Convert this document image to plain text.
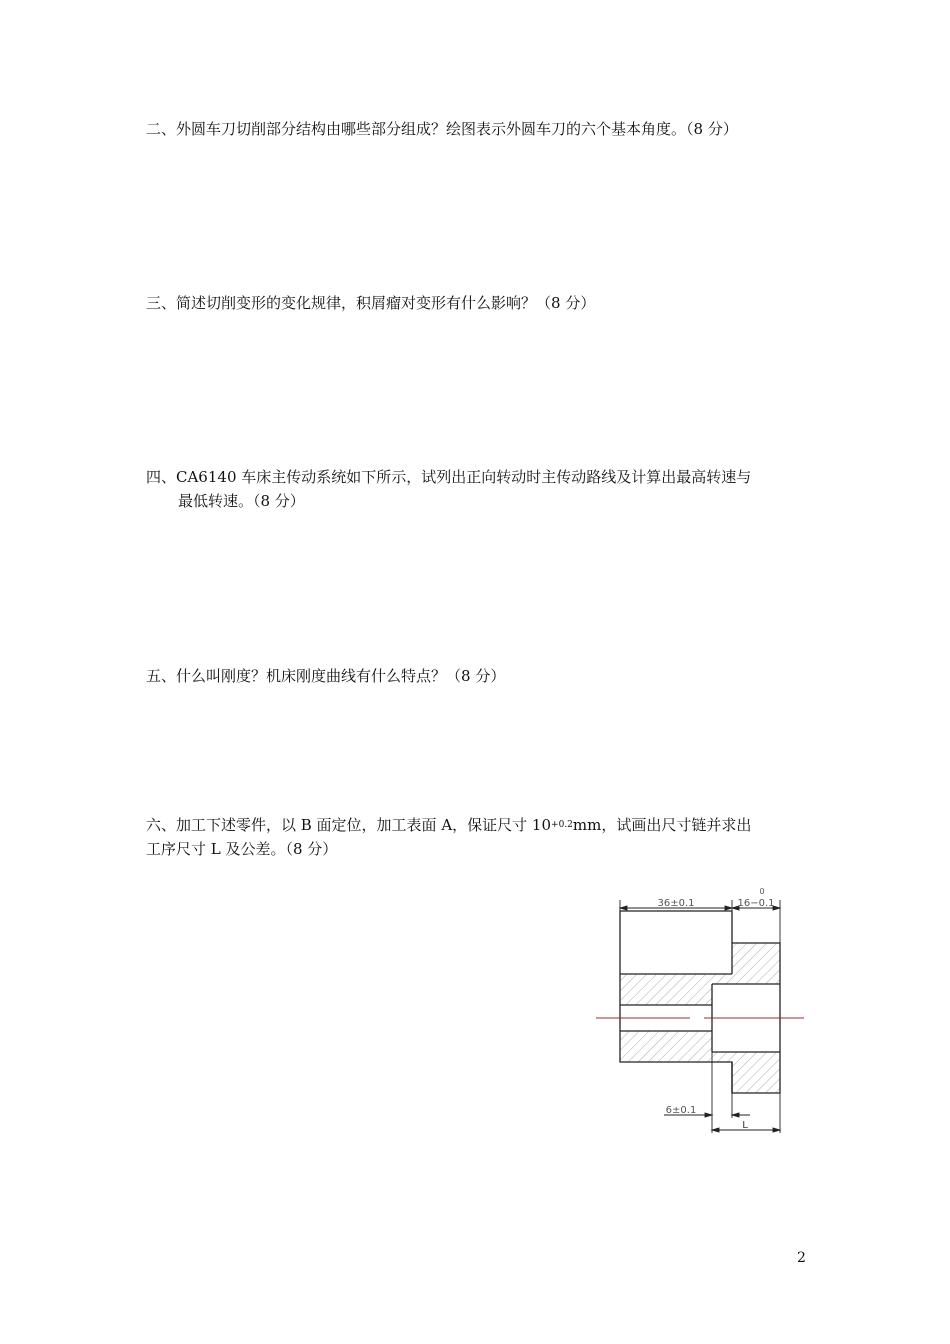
二、外圆车刀切削部分结构由哪些部分组成？绘图表示外圆车刀的六个基本角度。（8 分）

三、简述切削变形的变化规律，积屑瘤对变形有什么影响？（8 分）

四、CA6140 车床主传动系统如下所示，试列出正向转动时主传动路线及计算出最高转速与
最低转速。（8 分）

五、什么叫刚度？机床刚度曲线有什么特点？（8 分）

六、加工下述零件，以 B 面定位，加工表面 A，保证尺寸 $10^{+0.2}mm$，试画出尺寸链并求出
工序尺寸 L 及公差。（8 分）

36±0.1
0
16−0.1
6±0.1
L
2
